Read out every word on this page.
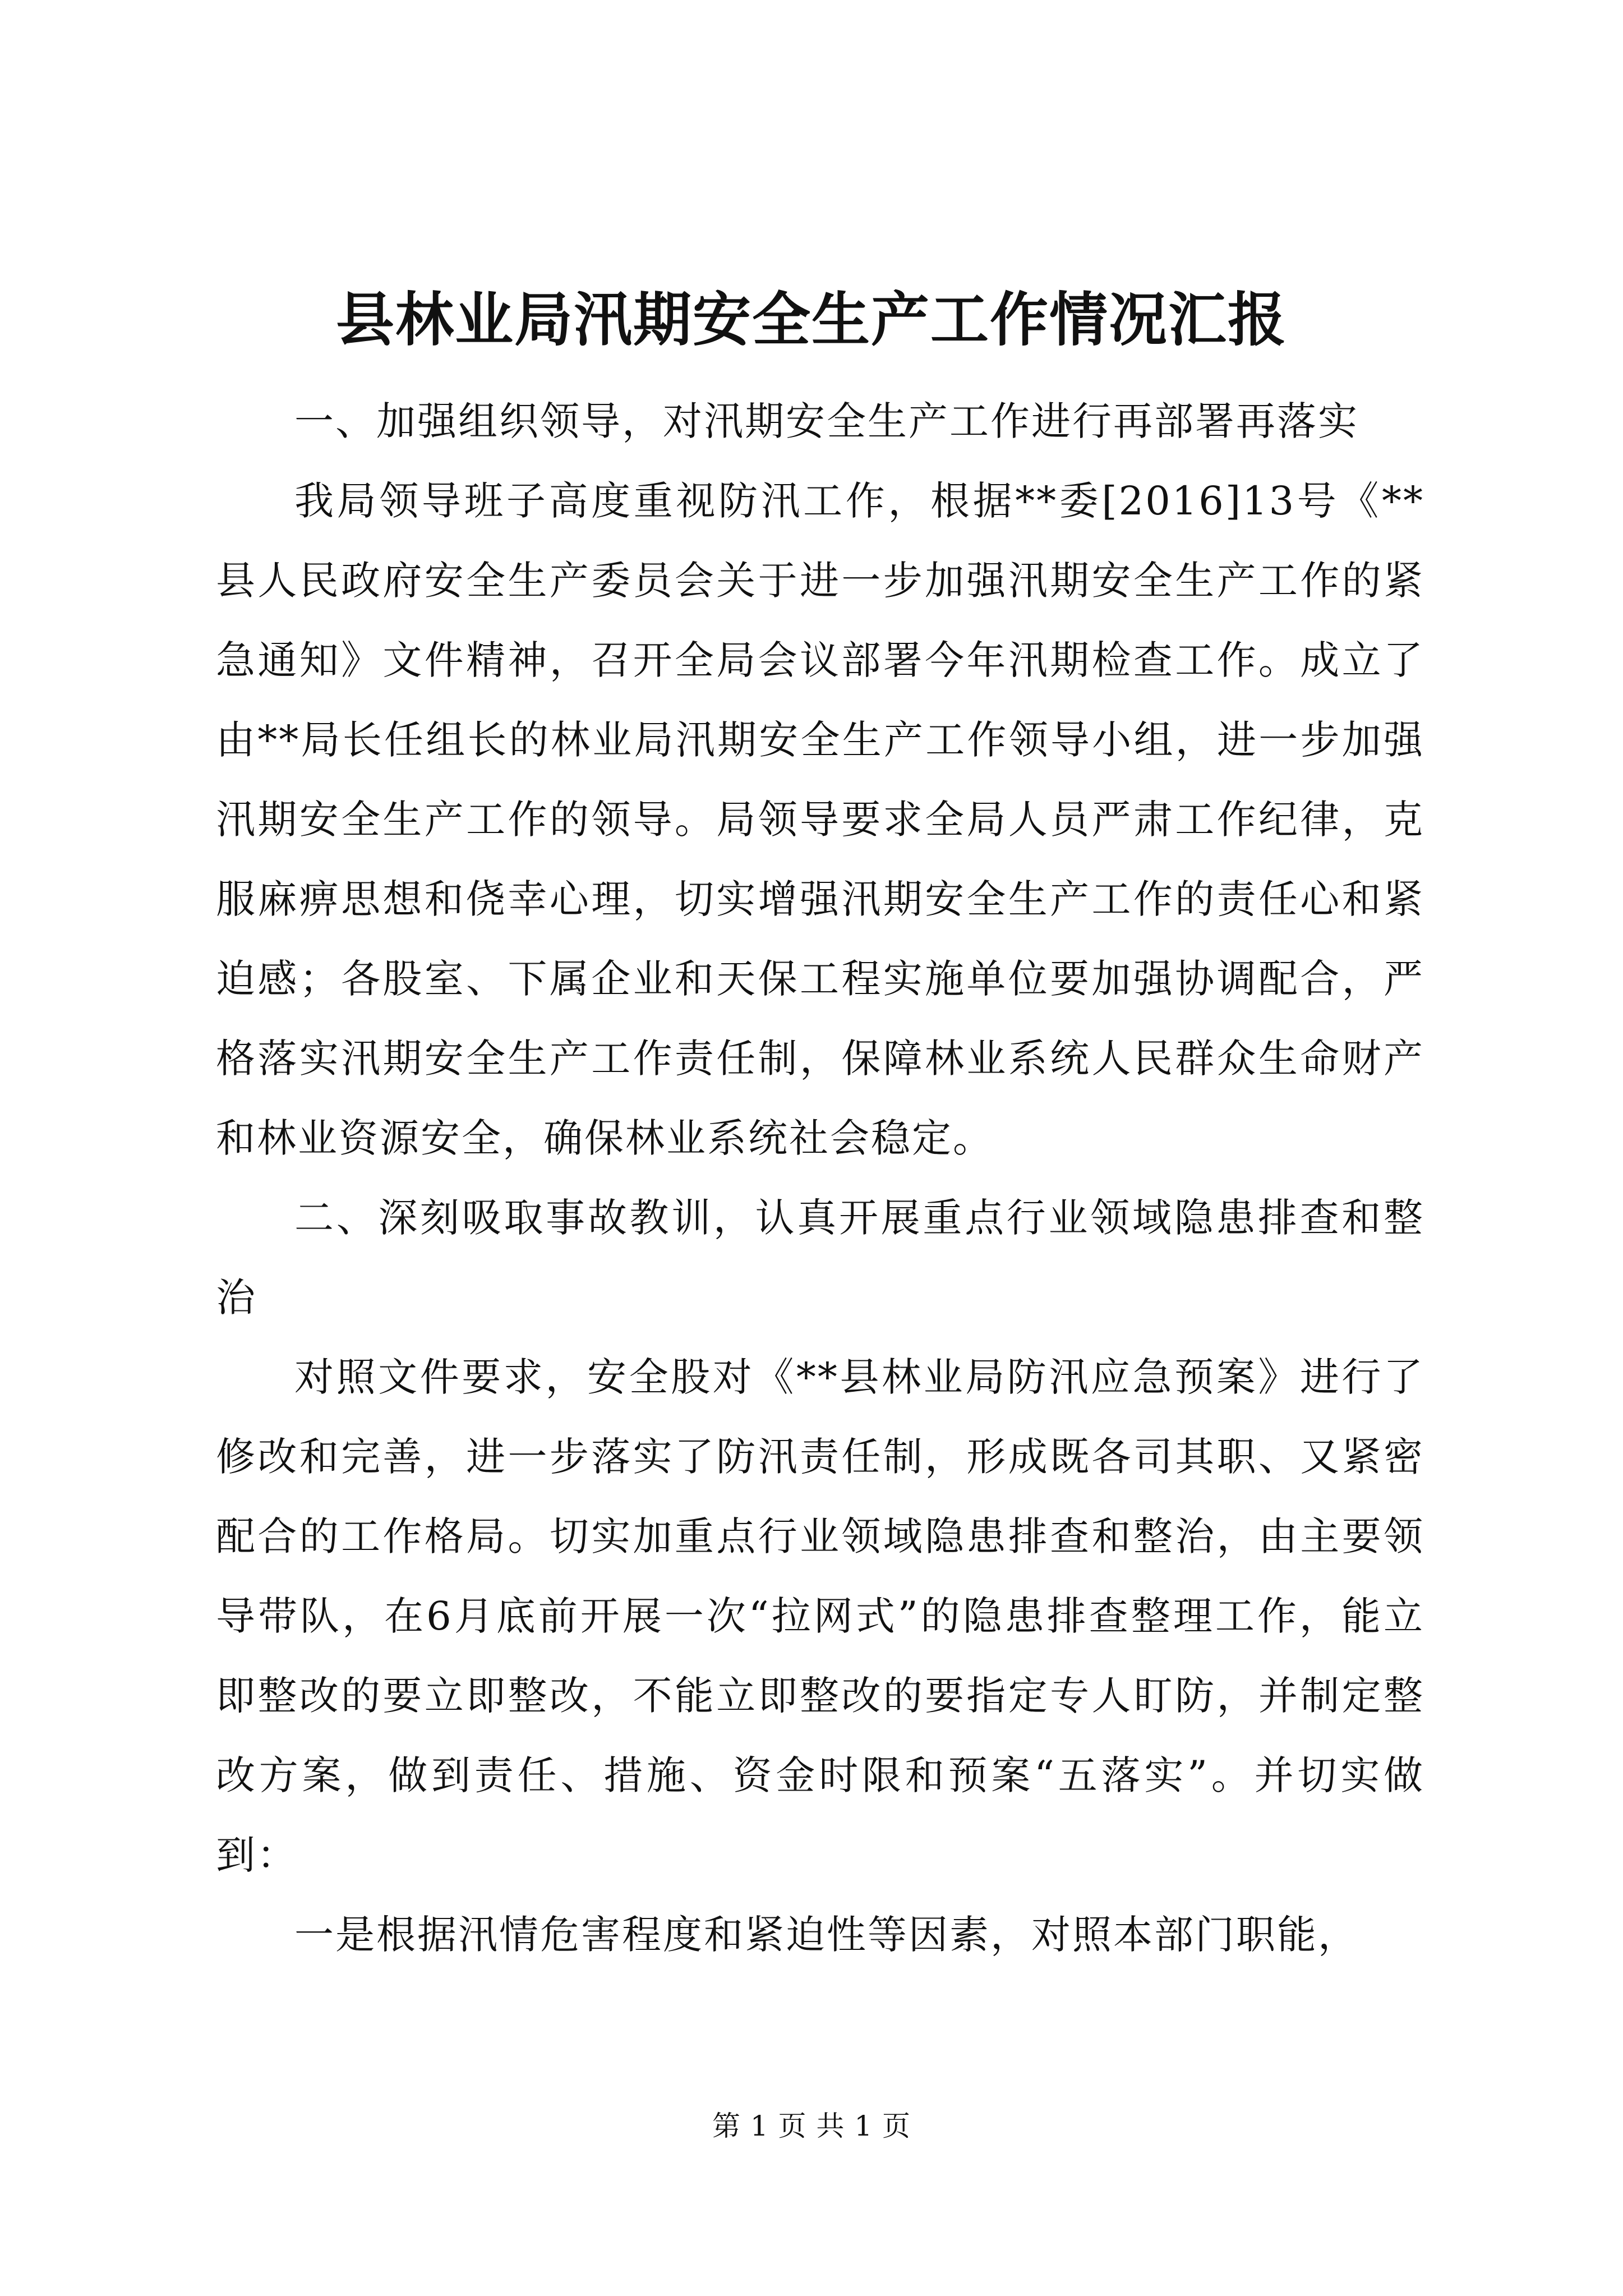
县林业局汛期安全生产工作情况汇报

一、加强组织领导，对汛期安全生产工作进行再部署再落实

我局领导班子高度重视防汛工作，根据**委[2016]13号《**县人民政府安全生产委员会关于进一步加强汛期安全生产工作的紧急通知》文件精神，召开全局会议部署今年汛期检查工作。成立了由**局长任组长的林业局汛期安全生产工作领导小组，进一步加强汛期安全生产工作的领导。局领导要求全局人员严肃工作纪律，克服麻痹思想和侥幸心理，切实增强汛期安全生产工作的责任心和紧迫感；各股室、下属企业和天保工程实施单位要加强协调配合，严格落实汛期安全生产工作责任制，保障林业系统人民群众生命财产和林业资源安全，确保林业系统社会稳定。

二、深刻吸取事故教训，认真开展重点行业领域隐患排查和整治

对照文件要求，安全股对《**县林业局防汛应急预案》进行了修改和完善，进一步落实了防汛责任制，形成既各司其职、又紧密配合的工作格局。切实加重点行业领域隐患排查和整治，由主要领导带队，在6月底前开展一次“拉网式”的隐患排查整理工作，能立即整改的要立即整改，不能立即整改的要指定专人盯防，并制定整改方案，做到责任、措施、资金时限和预案“五落实”。并切实做到：

一是根据汛情危害程度和紧迫性等因素，对照本部门职能，

第 1 页 共 1 页
